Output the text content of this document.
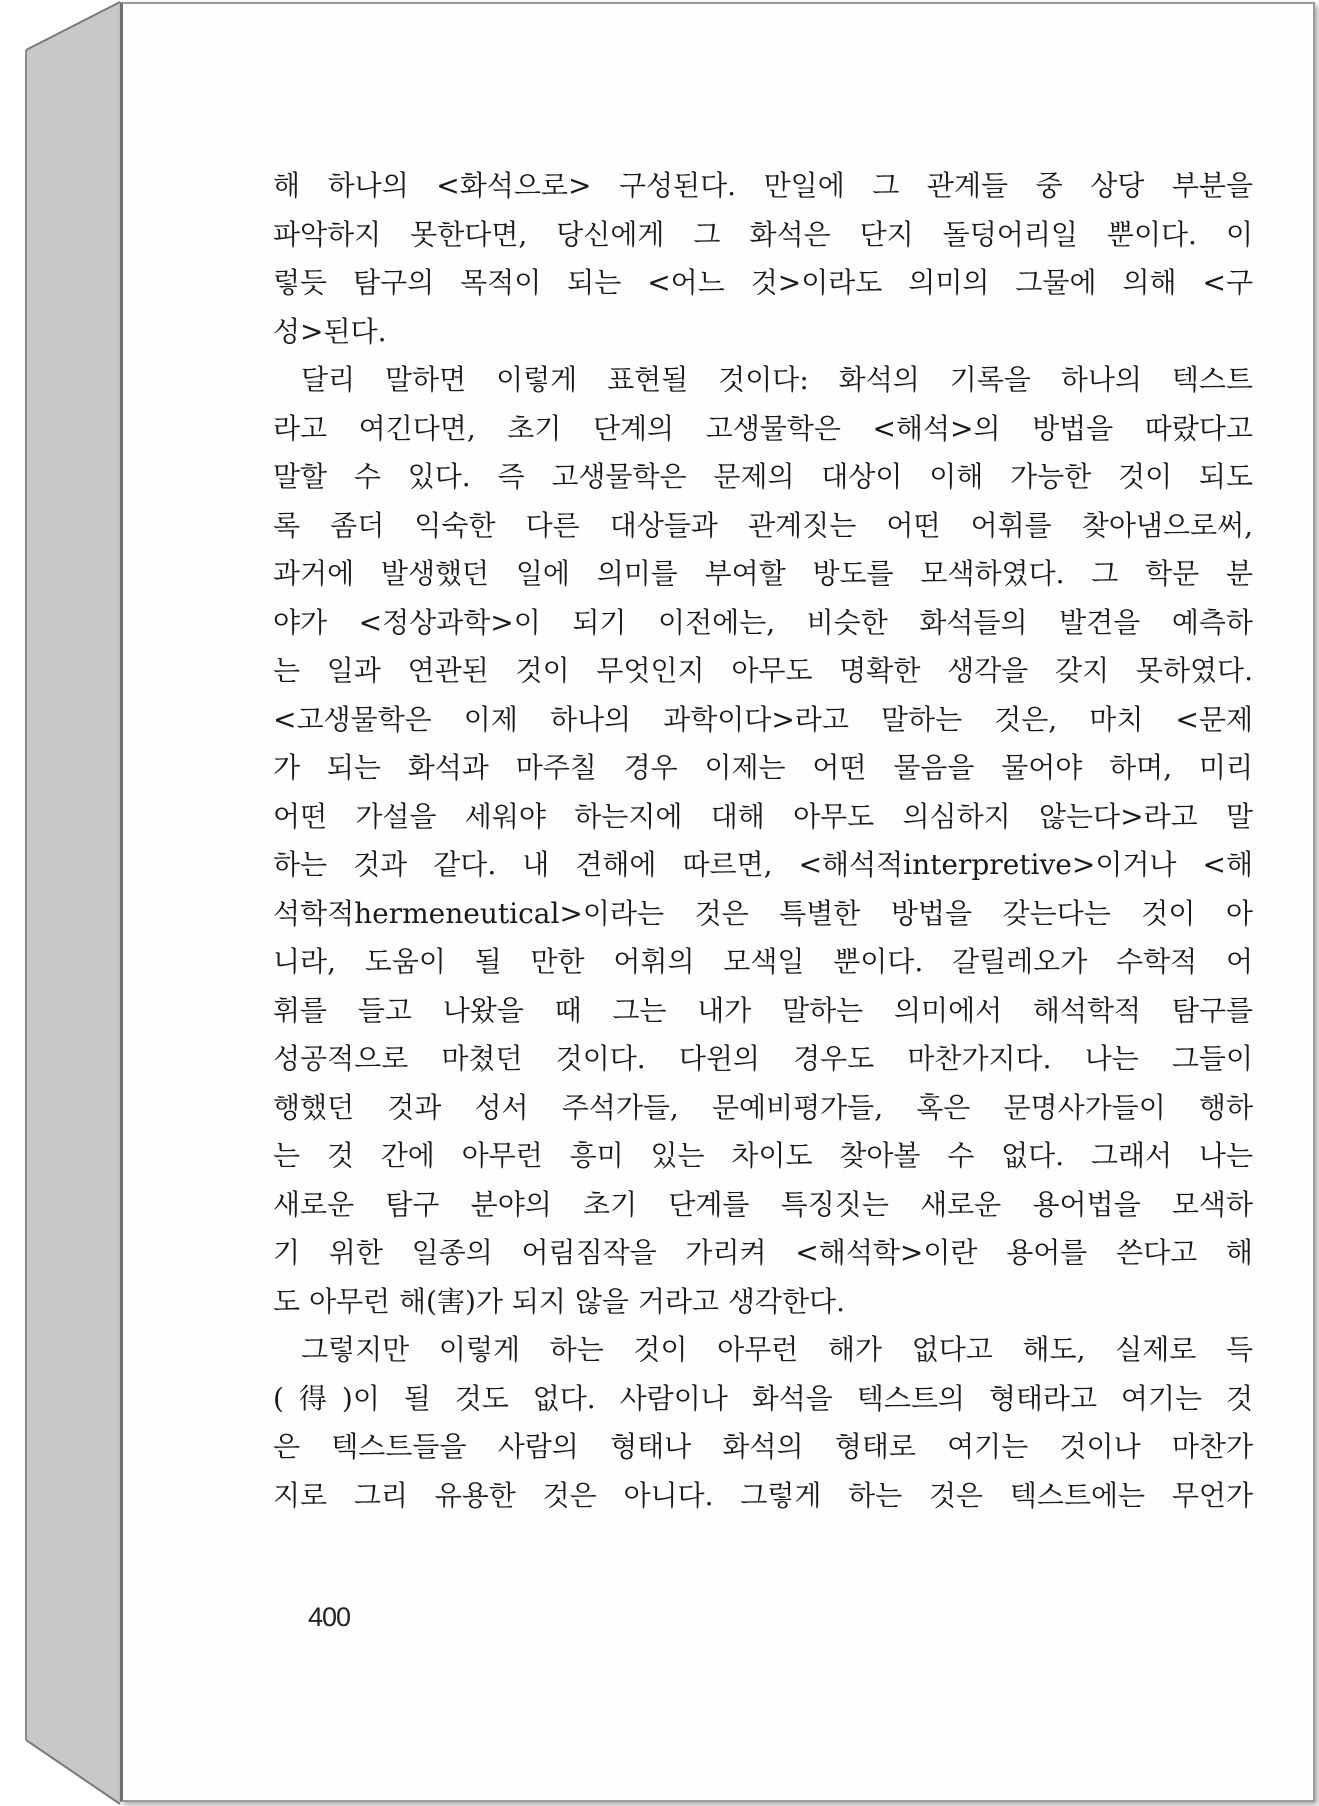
해 하나의 <화석으로> 구성된다. 만일에 그 관계들 중 상당 부분을
파악하지 못한다면, 당신에게 그 화석은 단지 돌덩어리일 뿐이다. 이
렇듯 탐구의 목적이 되는 <어느 것>이라도 의미의 그물에 의해 <구
성>된다.
달리 말하면 이렇게 표현될 것이다: 화석의 기록을 하나의 텍스트
라고 여긴다면, 초기 단계의 고생물학은 <해석>의 방법을 따랐다고
말할 수 있다. 즉 고생물학은 문제의 대상이 이해 가능한 것이 되도
록 좀더 익숙한 다른 대상들과 관계짓는 어떤 어휘를 찾아냄으로써,
과거에 발생했던 일에 의미를 부여할 방도를 모색하였다. 그 학문 분
야가 <정상과학>이 되기 이전에는, 비슷한 화석들의 발견을 예측하
는 일과 연관된 것이 무엇인지 아무도 명확한 생각을 갖지 못하였다.
<고생물학은 이제 하나의 과학이다>라고 말하는 것은, 마치 <문제
가 되는 화석과 마주칠 경우 이제는 어떤 물음을 물어야 하며, 미리
어떤 가설을 세워야 하는지에 대해 아무도 의심하지 않는다>라고 말
하는 것과 같다. 내 견해에 따르면, <해석적interpretive>이거나 <해
석학적hermeneutical>이라는 것은 특별한 방법을 갖는다는 것이 아
니라, 도움이 될 만한 어휘의 모색일 뿐이다. 갈릴레오가 수학적 어
휘를 들고 나왔을 때 그는 내가 말하는 의미에서 해석학적 탐구를
성공적으로 마쳤던 것이다. 다윈의 경우도 마찬가지다. 나는 그들이
행했던 것과 성서 주석가들, 문예비평가들, 혹은 문명사가들이 행하
는 것 간에 아무런 흥미 있는 차이도 찾아볼 수 없다. 그래서 나는
새로운 탐구 분야의 초기 단계를 특징짓는 새로운 용어법을 모색하
기 위한 일종의 어림짐작을 가리켜 <해석학>이란 용어를 쓴다고 해
도 아무런 해(害)가 되지 않을 거라고 생각한다.
그렇지만 이렇게 하는 것이 아무런 해가 없다고 해도, 실제로 득
(得)이 될 것도 없다. 사람이나 화석을 텍스트의 형태라고 여기는 것
은 텍스트들을 사람의 형태나 화석의 형태로 여기는 것이나 마찬가
지로 그리 유용한 것은 아니다. 그렇게 하는 것은 텍스트에는 무언가
400
